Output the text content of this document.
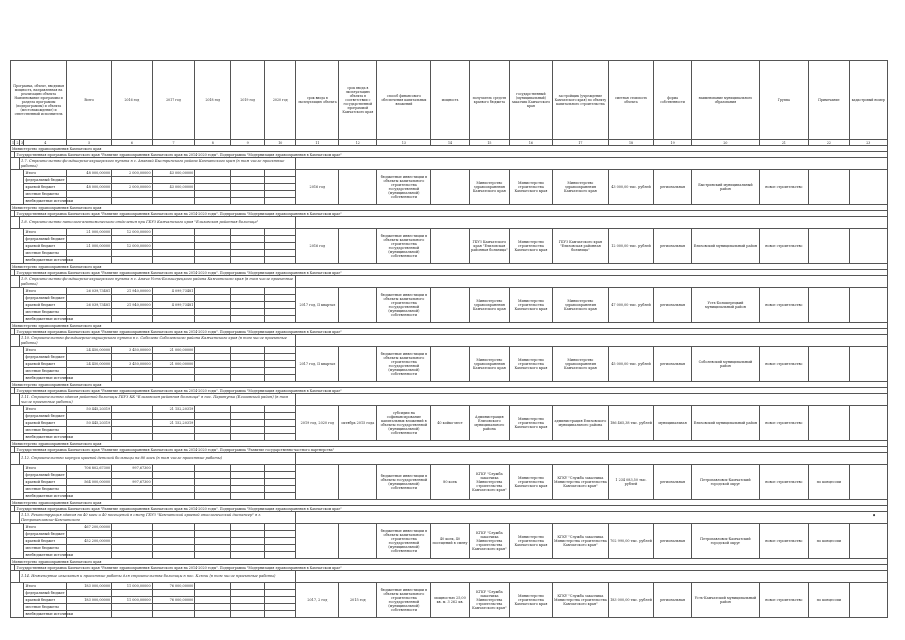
Программа, объект, вводимая мощность, направленная на реализацию объекта Наименование программы и раздела программы (подпрограммы) и объекта (местонахождение) и ответственный исполнитель				Всего	2016 год	2017 год	2018 год	2019 год	2020 год	срок ввода в эксплуатацию объекта	срок ввода в эксплуатацию объекта в соответствии с государственной программой Камчатского края	способ финансового обеспечения капитальных вложений	мощность	получатель средств краевого бюджета	государственный (муниципальный) заказчик Камчатского края	застройщик (учреждение Камчатского края) по объекту капитального строительства	сметная стоимость объекта	форма собственности	наименование муниципального образования	Группа	Примечание	кадастровый номер
1	2	3	4	5	6	7	8	9	10	11	12	13	14	15	16	17	18	19	20	21	22	23
Министерство здравоохранения Камчатского края																						
	Государственная программа Камчатского края "Развитие здравоохранения Камчатского края на 2014-2020 годы". Подпрограмма "Модернизация здравоохранения в Камчатском крае"																					
		1.7. Строительство фельдшерско-акушерского пункта в с. Анавгай Быстринского района Камчатского края (в том числе проектные работы)																				
			Итого	48 000,00000	2 000,00000	43 000,00000				2016 год		бюджетные инвестиции в объекты капитального строительства государственной (муниципальной) собственности		Министерство здравоохранения Камчатского края	Министерство строительства Камчатского края	Министерство здравоохранения Камчатского края	43 000,00 тыс. рублей	региональная	Быстринский муниципальный район	новое строительство		
			федеральный бюджет																			
			краевой бюджет	48 000,00000	2 000,00000	43 000,00000																
			местные бюджеты																			
			внебюджетные источники																			
Министерство здравоохранения Камчатского края																						
	Государственная программа Камчатского края "Развитие здравоохранения Камчатского края на 2014-2020 годы". Подпрограмма "Модернизация здравоохранения в Камчатском крае"																					
		1.8. Строительство патолого-анатомического отделения при ГБУЗ Камчатского края "Елизовская районная больница"																				
			Итого	21 000,00000	12 000,00000					2016 год		бюджетные инвестиции в объекты капитального строительства государственной (муниципальной) собственности		ГБУЗ Камчатского края "Елизовская районная больница"	Министерство строительства Камчатского края	ГБУЗ Камчатского края "Елизовская районная больница"	12 000,00 тыс. рублей	региональная	Елизовский муниципальный район	новое строительство		
			федеральный бюджет																			
			краевой бюджет	21 000,00000	12 000,00000																	
			местные бюджеты																			
			внебюджетные источники																			
Министерство здравоохранения Камчатского края																						
	Государственная программа Камчатского края "Развитие здравоохранения Камчатского края на 2014-2020 годы". Подпрограмма "Модернизация здравоохранения в Камчатском крае"																					
		1.9. Строительство фельдшерско-акушерского пункта в с. Апача Усть-Большерецкого района Камчатского края (в том числе проектные работы)																				
			Итого	26 039,73481	21 940,00000	4 099,73481				2017 год, II квартал		бюджетные инвестиции в объекты капитального строительства государственной (муниципальной) собственности		Министерство здравоохранения Камчатского края	Министерство строительства Камчатского края	Министерство здравоохранения Камчатского края	47 000,00 тыс. рублей	региональная	Усть-Большерецкий муниципальный район	новое строительство		
			федеральный бюджет																			
			краевой бюджет	26 039,73481	21 940,00000	4 099,73481																
			местные бюджеты																			
			внебюджетные источники																			
Министерство здравоохранения Камчатского края																						
	Государственная программа Камчатского края "Развитие здравоохранения Камчатского края на 2014-2020 годы". Подпрограмма "Модернизация здравоохранения в Камчатском крае"																					
		1.10. Строительство фельдшерско-акушерского пункта в с. Соболево Соболевского района Камчатского края (в том числе проектные работы)																				
			Итого	24 450,00000	3 450,00000	21 000,00000				2017 год, II квартал		бюджетные инвестиции в объекты капитального строительства государственной (муниципальной) собственности		Министерство здравоохранения Камчатского края	Министерство строительства Камчатского края	Министерство здравоохранения Камчатского края	45 000,00 тыс. рублей	региональная	Соболевский муниципальный район	новое строительство		
			федеральный бюджет																			
			краевой бюджет	24 450,00000	3 450,00000	21 000,00000																
			местные бюджеты																			
			внебюджетные источники																			
Министерство здравоохранения Камчатского края																						
	Государственная программа Камчатского края "Развитие здравоохранения Камчатского края на 2014-2020 годы". Подпрограмма "Модернизация здравоохранения в Камчатском крае"																					
		1.11. Строительство здания районной больницы ГБУЗ КК "Елизовская районная больница" в пос. Паратунка (Елизовский район) (в том числе проектные работы)																				
			Итого	50 445,20319		21 152,20319				2019 год, 2020 год	октябрь 2015 года	субсидии на софинансирование капитальных вложений в объекты государственной (муниципальной) собственности	40 койко-мест	Администрация Елизовского муниципального района	Министерство строительства Камчатского края	администрация Елизовского муниципального района	186 465,38 тыс. рублей	муниципальная	Елизовский муниципальный район	новое строительство		
			федеральный бюджет																			
			краевой бюджет	50 445,20319		21 152,20319																
			местные бюджеты																			
			внебюджетные источники																			
Министерство здравоохранения Камчатского края																						
	Государственная программа Камчатского края "Развитие здравоохранения Камчатского края на 2014-2020 годы". Подпрограмма "Развитие государственно-частного партнерства"																					
		1.12. Строительство корпуса краевой детской больницы на 80 коек (в том числе проектные работы)																				
			Итого	706 802,67300	997,67300							бюджетные инвестиции в объекты государственной (муниципальной) собственности	80 коек	КГКУ "Служба заказчика Министерства строительства Камчатского края"	Министерство строительства Камчатского края	КГКУ "Служба заказчика Министерства строительства Камчатского края"	1 234 083,50 тыс. рублей	региональная	Петропавловск-Камчатский городской округ	новое строительство	по концессии	
			федеральный бюджет																			
			краевой бюджет	564 000,00000	997,67300																	
			местные бюджеты																			
			внебюджетные источники																			
Министерство здравоохранения Камчатского края																						
	Государственная программа Камчатского края "Развитие здравоохранения Камчатского края на 2014-2020 годы". Подпрограмма "Модернизация здравоохранения в Камчатском крае"																					
		1.13. Реконструкция здания на 40 коек и 40 посещений в смену ГБУЗ "Камчатский краевой онкологический диспансер" в г. Петропавловске-Камчатском																				
			Итого	467 200,00000								бюджетные инвестиции в объекты капитального строительства государственной (муниципальной) собственности	40 коек, 40 посещений в смену	КГКУ "Служба заказчика Министерства строительства Камчатского края"	Министерство строительства Камчатского края	КГКУ "Служба заказчика Министерства строительства Камчатского края"	702 990,00 тыс. рублей	региональная	Петропавловск-Камчатский городской округ	новое строительство	по концессии	
			федеральный бюджет																			
			краевой бюджет	452 200,00000																		
			местные бюджеты																			
			внебюджетные источники																			
Министерство здравоохранения Камчатского края																						
	Государственная программа Камчатского края "Развитие здравоохранения Камчатского края на 2014-2020 годы". Подпрограмма "Модернизация здравоохранения в Камчатском крае"																					
		1.14. Инженерные изыскания и проектные работы для строительства больницы в пос. Ключи (в том числе проектные работы)																				
			Итого	183 000,00000	11 000,00000	76 000,00000				2017, 2 год	2015 год	бюджетные инвестиции в объекты капитального строительства государственной (муниципальной) собственности	мощностью 25,00 кв. м. 3 262 кв.	КГКУ "Служба заказчика Министерства строительства Камчатского края"	Министерство строительства Камчатского края	КГКУ "Служба заказчика Министерства строительства Камчатского края"	183 000,00 тыс. рублей	региональная	Усть-Камчатский муниципальный район	новое строительство	по концессии	
			федеральный бюджет																			
			краевой бюджет	183 000,00000	11 000,00000	76 000,00000																
			местные бюджеты																			
			внебюджетные источники																			
•
